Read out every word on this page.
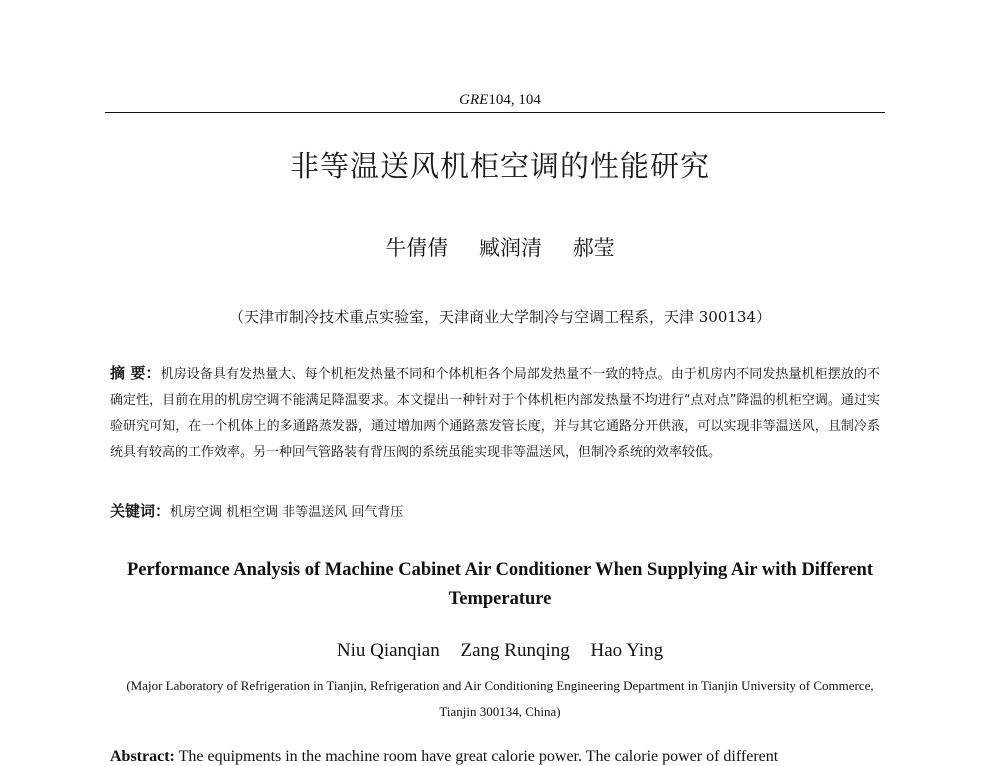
GRE104, 104
非等温送风机柜空调的性能研究
牛倩倩 臧润清 郝莹
（天津市制冷技术重点实验室，天津商业大学制冷与空调工程系，天津 300134）
摘 要：机房设备具有发热量大、每个机柜发热量不同和个体机柜各个局部发热量不一致的特点。由于机房内不同发热量机柜摆放的不确定性，目前在用的机房空调不能满足降温要求。本文提出一种针对于个体机柜内部发热量不均进行“点对点”降温的机柜空调。通过实验研究可知，在一个机体上的多通路蒸发器，通过增加两个通路蒸发管长度，并与其它通路分开供液，可以实现非等温送风，且制冷系统具有较高的工作效率。另一种回气管路装有背压阀的系统虽能实现非等温送风，但制冷系统的效率较低。
关键词：机房空调 机柜空调 非等温送风 回气背压
Performance Analysis of Machine Cabinet Air Conditioner When Supplying Air with Different Temperature
Niu Qianqian Zang Runqing Hao Ying
(Major Laboratory of Refrigeration in Tianjin, Refrigeration and Air Conditioning Engineering Department in Tianjin University of Commerce, Tianjin 300134, China)
Abstract: The equipments in the machine room have great calorie power. The calorie power of different
